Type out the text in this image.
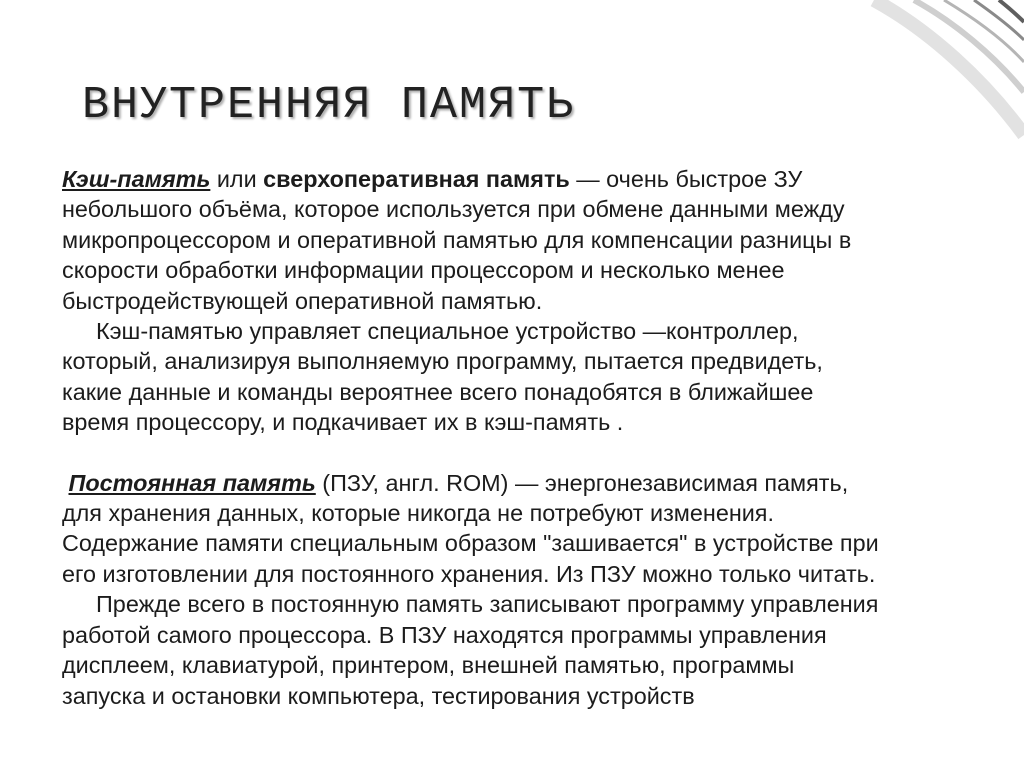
ВНУТРЕННЯЯ ПАМЯТЬ

Кэш-память или сверхоперативная память — очень быстрое ЗУ

небольшого объёма, которое используется при обмене данными между

микропроцессором и оперативной памятью для компенсации разницы в

скорости обработки информации процессором и несколько менее

быстродействующей оперативной памятью.

Кэш-памятью управляет специальное устройство —контроллер,

который, анализируя выполняемую программу, пытается предвидеть,

какие данные и команды вероятнее всего понадобятся в ближайшее

время процессору, и подкачивает их в кэш-память .

Постоянная память (ПЗУ, англ. ROM) — энергонезависимая память,

для хранения данных, которые никогда не потребуют изменения.

Содержание памяти специальным образом "зашивается" в устройстве при

его изготовлении для постоянного хранения. Из ПЗУ можно только читать.

Прежде всего в постоянную память записывают программу управления

работой самого процессора. В ПЗУ находятся программы управления

дисплеем, клавиатурой, принтером, внешней памятью, программы

запуска и остановки компьютера, тестирования устройств
